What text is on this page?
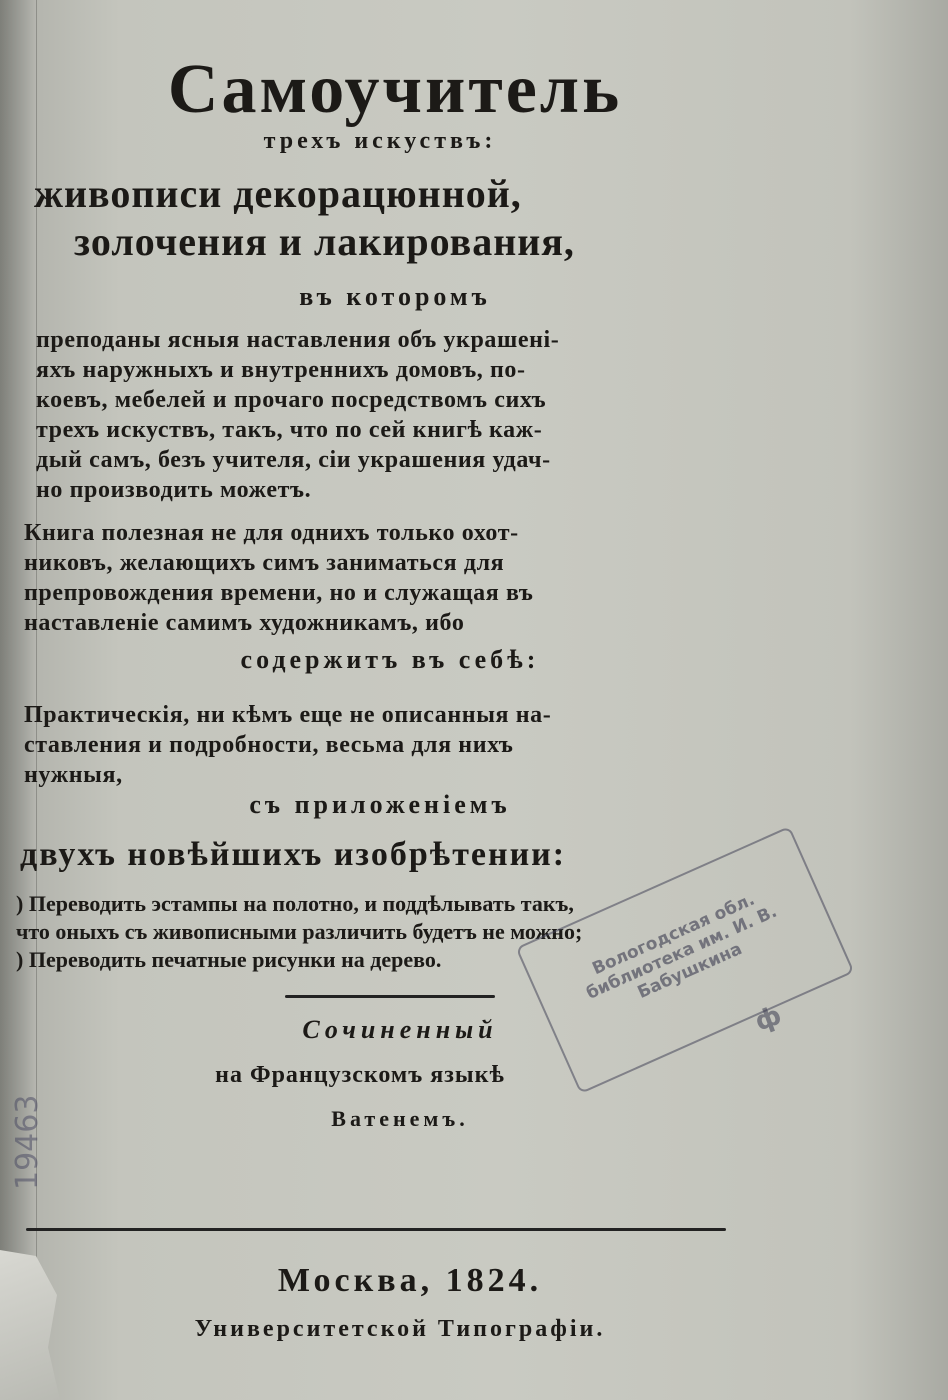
Самоучитель
трехъ искуствъ:
живописи декорацюнной,
золочения и лакирования,
въ которомъ
преподаны ясныя наставления объ украшені-
яхъ наружныхъ и внутреннихъ домовъ, по-
коевъ, мебелей и прочаго посредствомъ сихъ
трехъ искуствъ, такъ, что по сей книгѣ каж-
дый самъ, безъ учителя, сіи украшения удач-
но производить можетъ.
Книга полезная не для однихъ только охот-
никовъ, желающихъ симъ заниматься для
препровождения времени, но и служащая въ
наставленіе самимъ художникамъ, ибо
содержитъ въ себѣ:
Практическія, ни кѣмъ еще не описанныя на-
ставления и подробности, весьма для нихъ
нужныя,
съ приложеніемъ
двухъ новѣйшихъ изобрѣтении:
) Переводить эстампы на полотно, и поддѣлывать такъ,
что оныхъ съ живописными различить будетъ не можно;
) Переводить печатные рисунки на дерево.
Сочиненный
на Французскомъ языкѣ
Ватенемъ.
Москва, 1824.
Университетской Типографіи.
Вологодская обл. библиотека им. И. В. Бабушкина
ф
19463
